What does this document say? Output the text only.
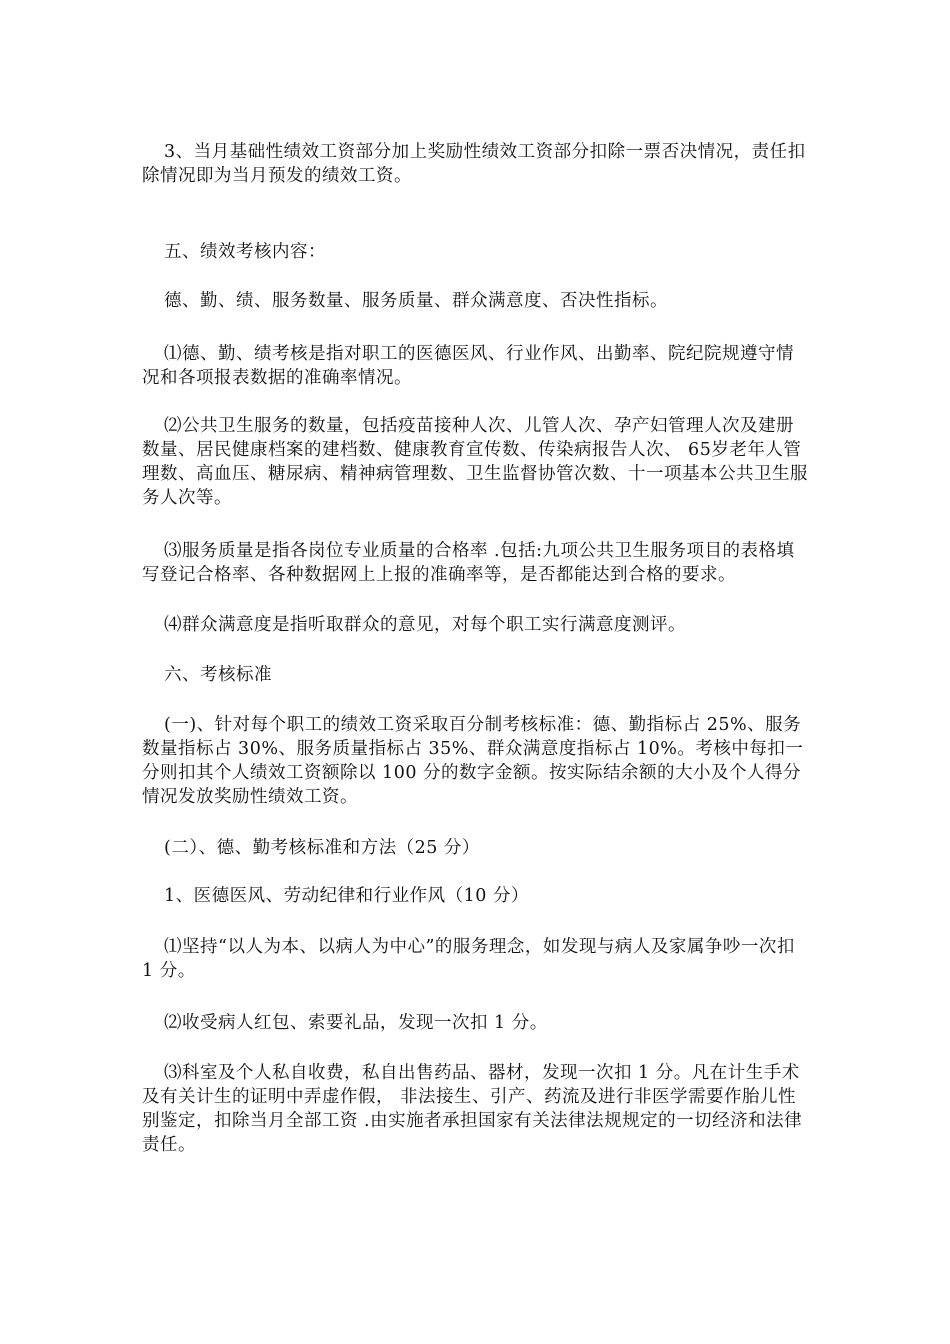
3、当月基础性绩效工资部分加上奖励性绩效工资部分扣除一票否决情况，责任扣除情况即为当月预发的绩效工资。

五、绩效考核内容：

德、勤、绩、服务数量、服务质量、群众满意度、否决性指标。

⑴德、勤、绩考核是指对职工的医德医风、行业作风、出勤率、院纪院规遵守情况和各项报表数据的准确率情况。

⑵公共卫生服务的数量，包括疫苗接种人次、儿管人次、孕产妇管理人次及建册数量、居民健康档案的建档数、健康教育宣传数、传染病报告人次、 65岁老年人管理数、高血压、糖尿病、精神病管理数、卫生监督协管次数、十一项基本公共卫生服务人次等。

⑶服务质量是指各岗位专业质量的合格率 .包括:九项公共卫生服务项目的表格填写登记合格率、各种数据网上上报的准确率等，是否都能达到合格的要求。

⑷群众满意度是指听取群众的意见，对每个职工实行满意度测评。

六、考核标准

(一)、针对每个职工的绩效工资采取百分制考核标准：德、勤指标占 25%、服务数量指标占 30%、服务质量指标占 35%、群众满意度指标占 10%。考核中每扣一分则扣其个人绩效工资额除以 100 分的数字金额。按实际结余额的大小及个人得分情况发放奖励性绩效工资。

(二）、德、勤考核标准和方法（25 分）

1、医德医风、劳动纪律和行业作风（10 分）

⑴坚持“以人为本、以病人为中心”的服务理念，如发现与病人及家属争吵一次扣 1 分。

⑵收受病人红包、索要礼品，发现一次扣 1 分。

⑶科室及个人私自收费，私自出售药品、器材，发现一次扣 1 分。凡在计生手术及有关计生的证明中弄虚作假， 非法接生、引产、药流及进行非医学需要作胎儿性别鉴定，扣除当月全部工资 .由实施者承担国家有关法律法规规定的一切经济和法律责任。
